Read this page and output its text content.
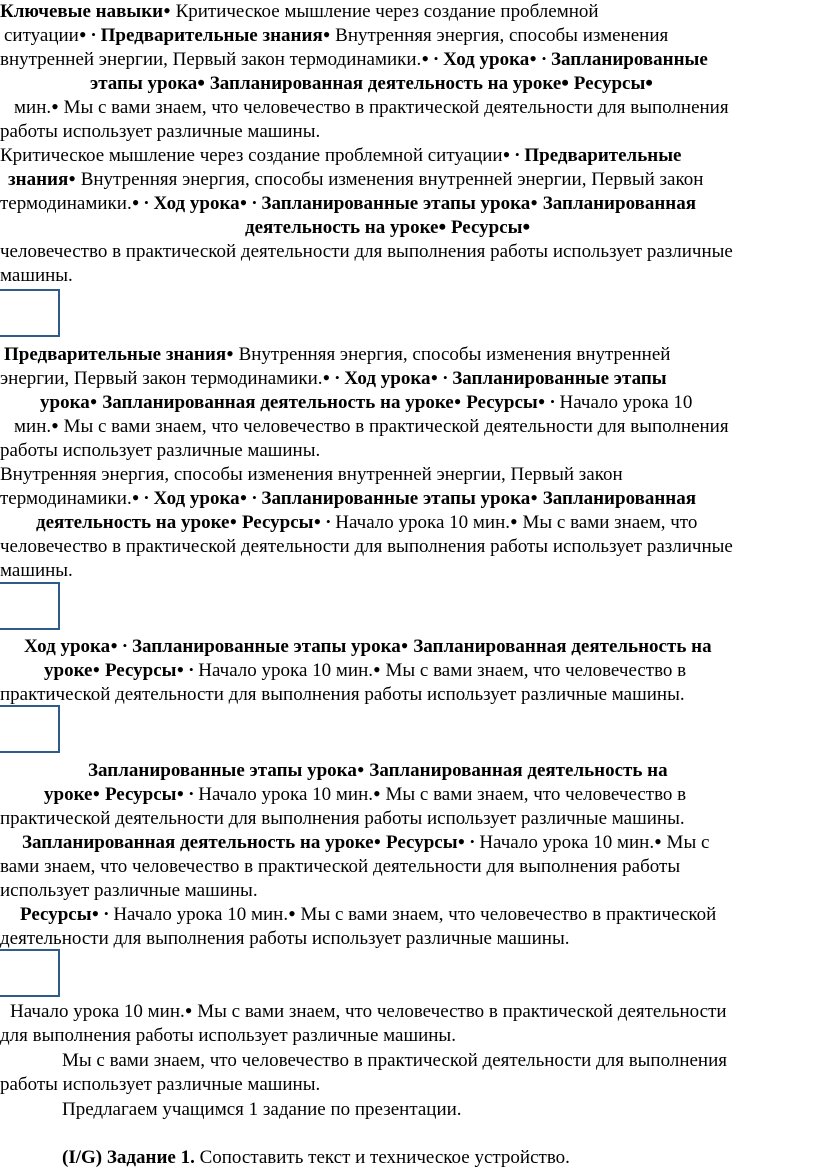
Ключевые навыки• Критическое мышление через создание проблемной
ситуации• • Предварительные знания• Внутренняя энергия, способы изменения
внутренней энергии, Первый закон термодинамики.• • Ход урока• • Запланированные
этапы урока• Запланированная деятельность на уроке• Ресурсы•
мин.• Мы с вами знаем, что человечество в практической деятельности для выполнения
работы использует различные машины.
Критическое мышление через создание проблемной ситуации• • Предварительные
знания• Внутренняя энергия, способы изменения внутренней энергии, Первый закон
термодинамики.• • Ход урока• • Запланированные этапы урока• Запланированная
деятельность на уроке• Ресурсы•
человечество в практической деятельности для выполнения работы использует различные
машины.
Предварительные знания• Внутренняя энергия, способы изменения внутренней
энергии, Первый закон термодинамики.• • Ход урока• • Запланированные этапы
урока• Запланированная деятельность на уроке• Ресурсы• • Начало урока 10
мин.• Мы с вами знаем, что человечество в практической деятельности для выполнения
работы использует различные машины.
Внутренняя энергия, способы изменения внутренней энергии, Первый закон
термодинамики.• • Ход урока• • Запланированные этапы урока• Запланированная
деятельность на уроке• Ресурсы• • Начало урока 10 мин.• Мы с вами знаем, что
человечество в практической деятельности для выполнения работы использует различные
машины.
Ход урока• • Запланированные этапы урока• Запланированная деятельность на
уроке• Ресурсы• • Начало урока 10 мин.• Мы с вами знаем, что человечество в
практической деятельности для выполнения работы использует различные машины.
Запланированные этапы урока• Запланированная деятельность на
уроке• Ресурсы• • Начало урока 10 мин.• Мы с вами знаем, что человечество в
практической деятельности для выполнения работы использует различные машины.
Запланированная деятельность на уроке• Ресурсы• • Начало урока 10 мин.• Мы с
вами знаем, что человечество в практической деятельности для выполнения работы
использует различные машины.
Ресурсы• • Начало урока 10 мин.• Мы с вами знаем, что человечество в практической
деятельности для выполнения работы использует различные машины.
Начало урока 10 мин.• Мы с вами знаем, что человечество в практической деятельности
для выполнения работы использует различные машины.
Мы с вами знаем, что человечество в практической деятельности для выполнения
работы использует различные машины.
Предлагаем учащимся 1 задание по презентации.
(I/G) Задание 1. Сопоставить текст и техническое устройство.
